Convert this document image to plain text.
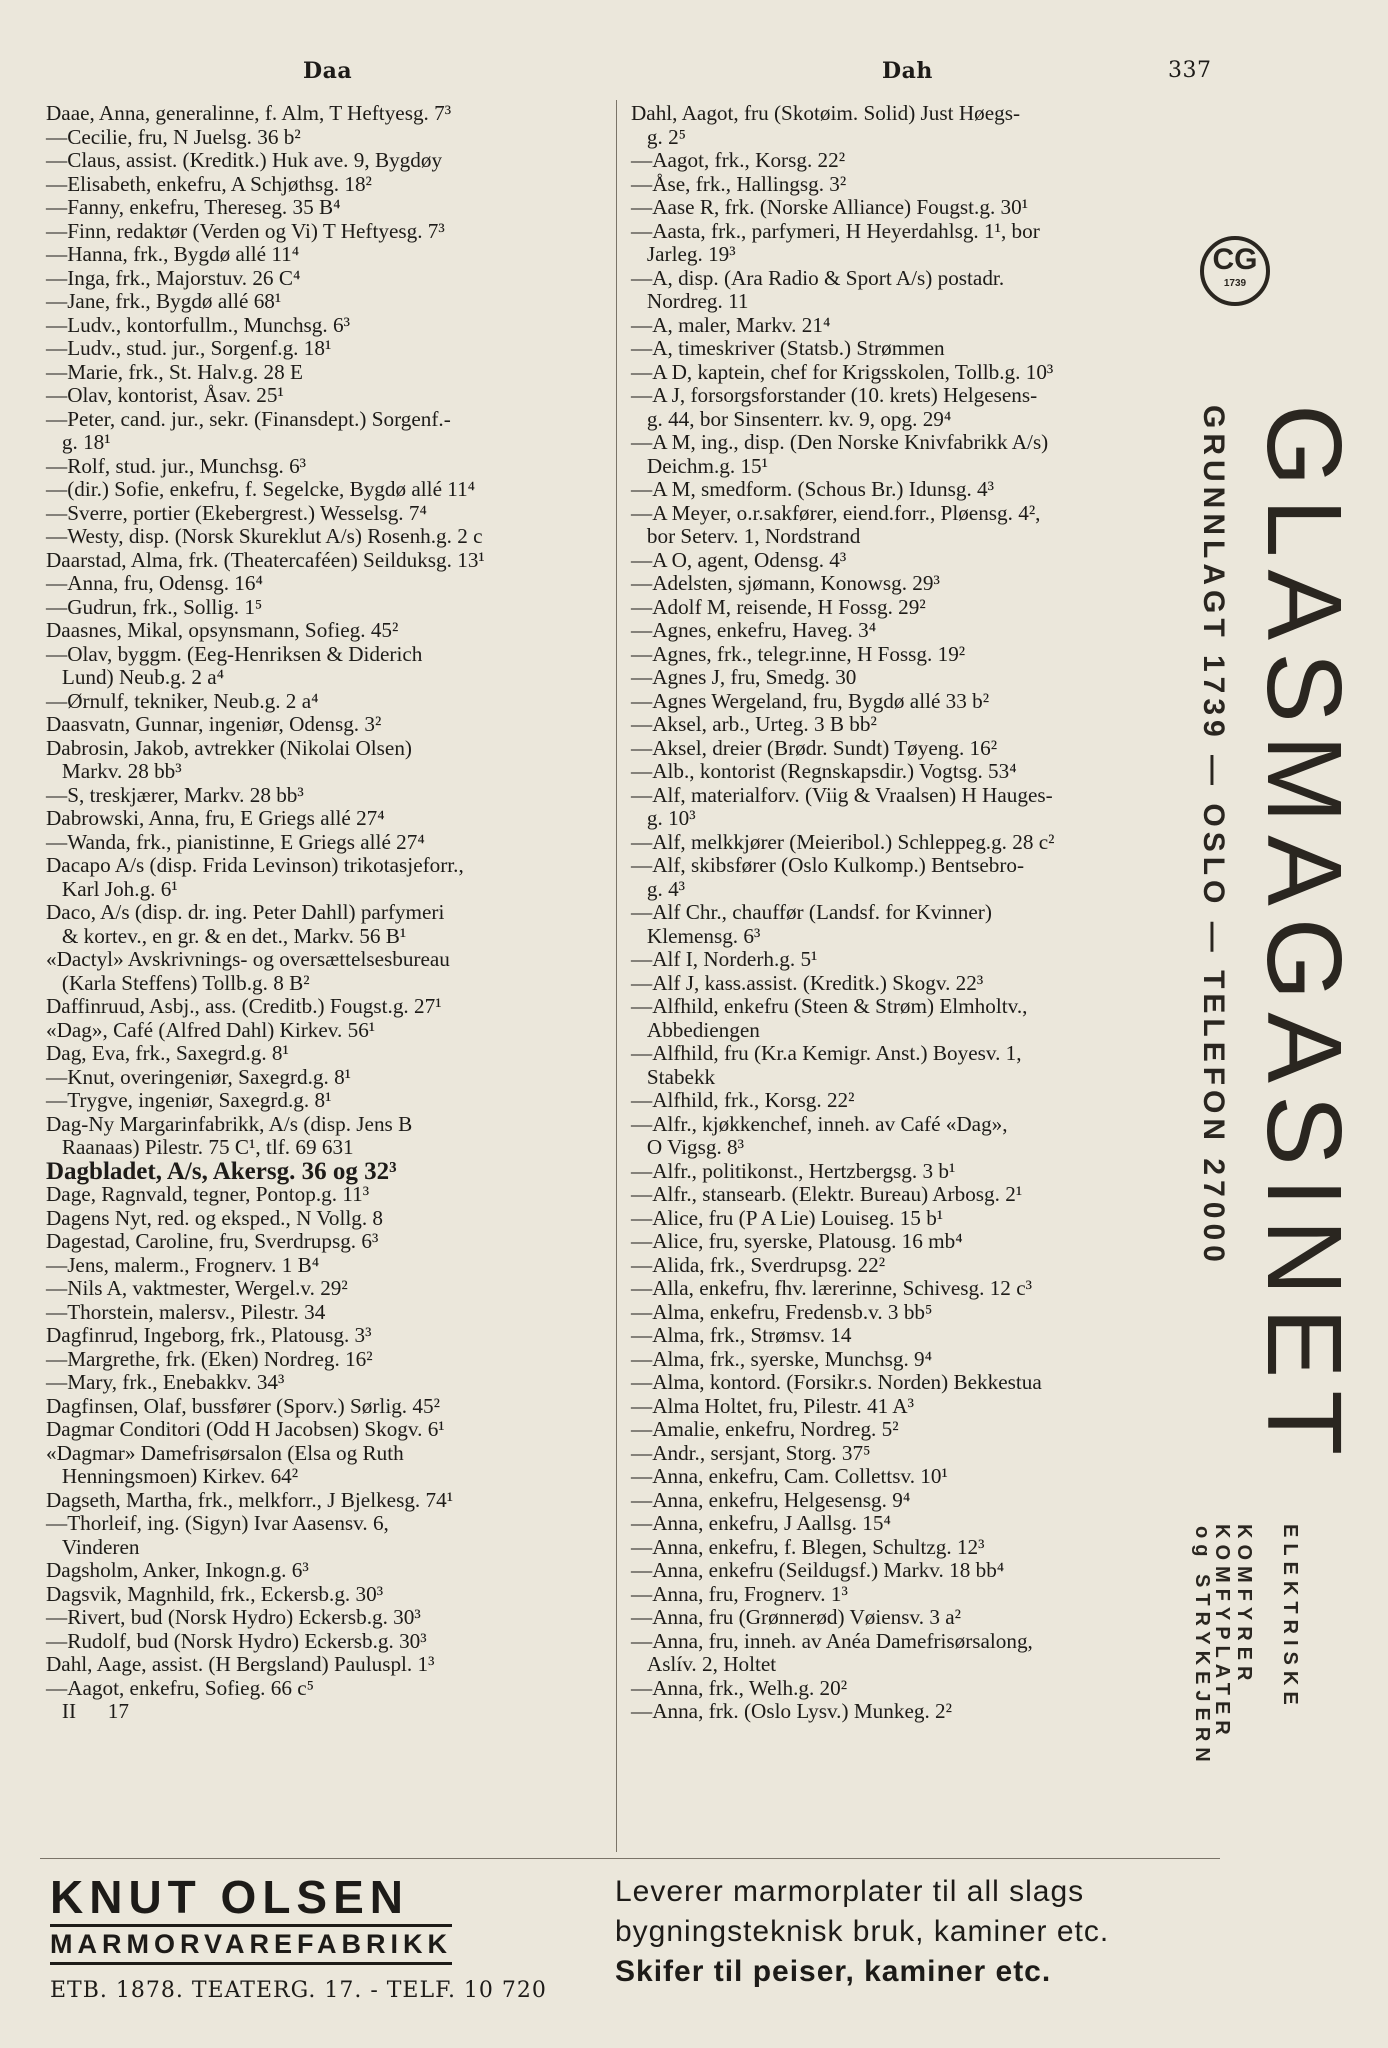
Daa	Dah	337
Daae, Anna, generalinne, f. Alm, T Heftyesg. 7³
—Cecilie, fru, N Juelsg. 36 b²
—Claus, assist. (Kreditk.) Huk ave. 9, Bygdøy
—Elisabeth, enkefru, A Schjøthsg. 18²
—Fanny, enkefru, Thereseg. 35 B⁴
—Finn, redaktør (Verden og Vi) T Heftyesg. 7³
—Hanna, frk., Bygdø allé 11⁴
—Inga, frk., Majorstuv. 26 C⁴
—Jane, frk., Bygdø allé 68¹
—Ludv., kontorfullm., Munchsg. 6³
—Ludv., stud. jur., Sorgenf.g. 18¹
—Marie, frk., St. Halv.g. 28 E
—Olav, kontorist, Åsav. 25¹
—Peter, cand. jur., sekr. (Finansdept.) Sorgenf.-
g. 18¹
—Rolf, stud. jur., Munchsg. 6³
—(dir.) Sofie, enkefru, f. Segelcke, Bygdø allé 11⁴
—Sverre, portier (Ekebergrest.) Wesselsg. 7⁴
—Westy, disp. (Norsk Skureklut A/s) Rosenh.g. 2 c
Daarstad, Alma, frk. (Theatercaféen) Seilduksg. 13¹
—Anna, fru, Odensg. 16⁴
—Gudrun, frk., Sollig. 1⁵
Daasnes, Mikal, opsynsmann, Sofieg. 45²
—Olav, byggm. (Eeg-Henriksen & Diderich
Lund) Neub.g. 2 a⁴
—Ørnulf, tekniker, Neub.g. 2 a⁴
Daasvatn, Gunnar, ingeniør, Odensg. 3²
Dabrosin, Jakob, avtrekker (Nikolai Olsen)
Markv. 28 bb³
—S, treskjærer, Markv. 28 bb³
Dabrowski, Anna, fru, E Griegs allé 27⁴
—Wanda, frk., pianistinne, E Griegs allé 27⁴
Dacapo A/s (disp. Frida Levinson) trikotasjeforr.,
Karl Joh.g. 6¹
Daco, A/s (disp. dr. ing. Peter Dahll) parfymeri
& kortev., en gr. & en det., Markv. 56 B¹
«Dactyl» Avskrivnings- og oversættelsesbureau
(Karla Steffens) Tollb.g. 8 B²
Daffinruud, Asbj., ass. (Creditb.) Fougst.g. 27¹
«Dag», Café (Alfred Dahl) Kirkev. 56¹
Dag, Eva, frk., Saxegrd.g. 8¹
—Knut, overingeniør, Saxegrd.g. 8¹
—Trygve, ingeniør, Saxegrd.g. 8¹
Dag-Ny Margarinfabrikk, A/s (disp. Jens B
Raanaas) Pilestr. 75 C¹, tlf. 69 631
Dagbladet, A/s, Akersg. 36 og 32³
Dage, Ragnvald, tegner, Pontop.g. 11³
Dagens Nyt, red. og eksped., N Vollg. 8
Dagestad, Caroline, fru, Sverdrupsg. 6³
—Jens, malerm., Frognerv. 1 B⁴
—Nils A, vaktmester, Wergel.v. 29²
—Thorstein, malersv., Pilestr. 34
Dagfinrud, Ingeborg, frk., Platousg. 3³
—Margrethe, frk. (Eken) Nordreg. 16²
—Mary, frk., Enebakkv. 34³
Dagfinsen, Olaf, bussfører (Sporv.) Sørlig. 45²
Dagmar Conditori (Odd H Jacobsen) Skogv. 6¹
«Dagmar» Damefrisørsalon (Elsa og Ruth
Henningsmoen) Kirkev. 64²
Dagseth, Martha, frk., melkforr., J Bjelkesg. 74¹
—Thorleif, ing. (Sigyn) Ivar Aasensv. 6,
Vinderen
Dagsholm, Anker, Inkogn.g. 6³
Dagsvik, Magnhild, frk., Eckersb.g. 30³
—Rivert, bud (Norsk Hydro) Eckersb.g. 30³
—Rudolf, bud (Norsk Hydro) Eckersb.g. 30³
Dahl, Aage, assist. (H Bergsland) Pauluspl. 1³
—Aagot, enkefru, Sofieg. 66 c⁵
II      17
Dahl, Aagot, fru (Skotøim. Solid) Just Høegs-
g. 2⁵
—Aagot, frk., Korsg. 22²
—Åse, frk., Hallingsg. 3²
—Aase R, frk. (Norske Alliance) Fougst.g. 30¹
—Aasta, frk., parfymeri, H Heyerdahlsg. 1¹, bor
Jarleg. 19³
—A, disp. (Ara Radio & Sport A/s) postadr.
Nordreg. 11
—A, maler, Markv. 21⁴
—A, timeskriver (Statsb.) Strømmen
—A D, kaptein, chef for Krigsskolen, Tollb.g. 10³
—A J, forsorgsforstander (10. krets) Helgesens-
g. 44, bor Sinsenterr. kv. 9, opg. 29⁴
—A M, ing., disp. (Den Norske Knivfabrikk A/s)
Deichm.g. 15¹
—A M, smedform. (Schous Br.) Idunsg. 4³
—A Meyer, o.r.sakfører, eiend.forr., Pløensg. 4²,
bor Seterv. 1, Nordstrand
—A O, agent, Odensg. 4³
—Adelsten, sjømann, Konowsg. 29³
—Adolf M, reisende, H Fossg. 29²
—Agnes, enkefru, Haveg. 3⁴
—Agnes, frk., telegr.inne, H Fossg. 19²
—Agnes J, fru, Smedg. 30
—Agnes Wergeland, fru, Bygdø allé 33 b²
—Aksel, arb., Urteg. 3 B bb²
—Aksel, dreier (Brødr. Sundt) Tøyeng. 16²
—Alb., kontorist (Regnskapsdir.) Vogtsg. 53⁴
—Alf, materialforv. (Viig & Vraalsen) H Hauges-
g. 10³
—Alf, melkkjører (Meieribol.) Schleppeg.g. 28 c²
—Alf, skibsfører (Oslo Kulkomp.) Bentsebro-
g. 4³
—Alf Chr., chauffør (Landsf. for Kvinner)
Klemensg. 6³
—Alf I, Norderh.g. 5¹
—Alf J, kass.assist. (Kreditk.) Skogv. 22³
—Alfhild, enkefru (Steen & Strøm) Elmholtv.,
Abbediengen
—Alfhild, fru (Kr.a Kemigr. Anst.) Boyesv. 1,
Stabekk
—Alfhild, frk., Korsg. 22²
—Alfr., kjøkkenchef, inneh. av Café «Dag»,
O Vigsg. 8³
—Alfr., politikonst., Hertzbergsg. 3 b¹
—Alfr., stansearb. (Elektr. Bureau) Arbosg. 2¹
—Alice, fru (P A Lie) Louiseg. 15 b¹
—Alice, fru, syerske, Platousg. 16 mb⁴
—Alida, frk., Sverdrupsg. 22²
—Alla, enkefru, fhv. lærerinne, Schivesg. 12 c³
—Alma, enkefru, Fredensb.v. 3 bb⁵
—Alma, frk., Strømsv. 14
—Alma, frk., syerske, Munchsg. 9⁴
—Alma, kontord. (Forsikr.s. Norden) Bekkestua
—Alma Holtet, fru, Pilestr. 41 A³
—Amalie, enkefru, Nordreg. 5²
—Andr., sersjant, Storg. 37⁵
—Anna, enkefru, Cam. Collettsv. 10¹
—Anna, enkefru, Helgesensg. 9⁴
—Anna, enkefru, J Aallsg. 15⁴
—Anna, enkefru, f. Blegen, Schultzg. 12³
—Anna, enkefru (Seildugsf.) Markv. 18 bb⁴
—Anna, fru, Frognerv. 1³
—Anna, fru (Grønnerød) Vøiensv. 3 a²
—Anna, fru, inneh. av Anéa Damefrisørsalong,
Aslív. 2, Holtet
—Anna, frk., Welh.g. 20²
—Anna, frk. (Oslo Lysv.) Munkeg. 2²
CG
1739
GRUNNLAGT 1739 — OSLO — TELEFON 27000 GLASMAGASINET
ELEKTRISKE
KOMFYRER
KOMFYPLATER
og STRYKEJERN
KNUT OLSEN
MARMORVAREFABRIKK
ETB. 1878. TEATERG. 17. - TELF. 10 720
Leverer marmorplater til all slags
bygningsteknisk bruk, kaminer etc.
Skifer til peiser, kaminer etc.
